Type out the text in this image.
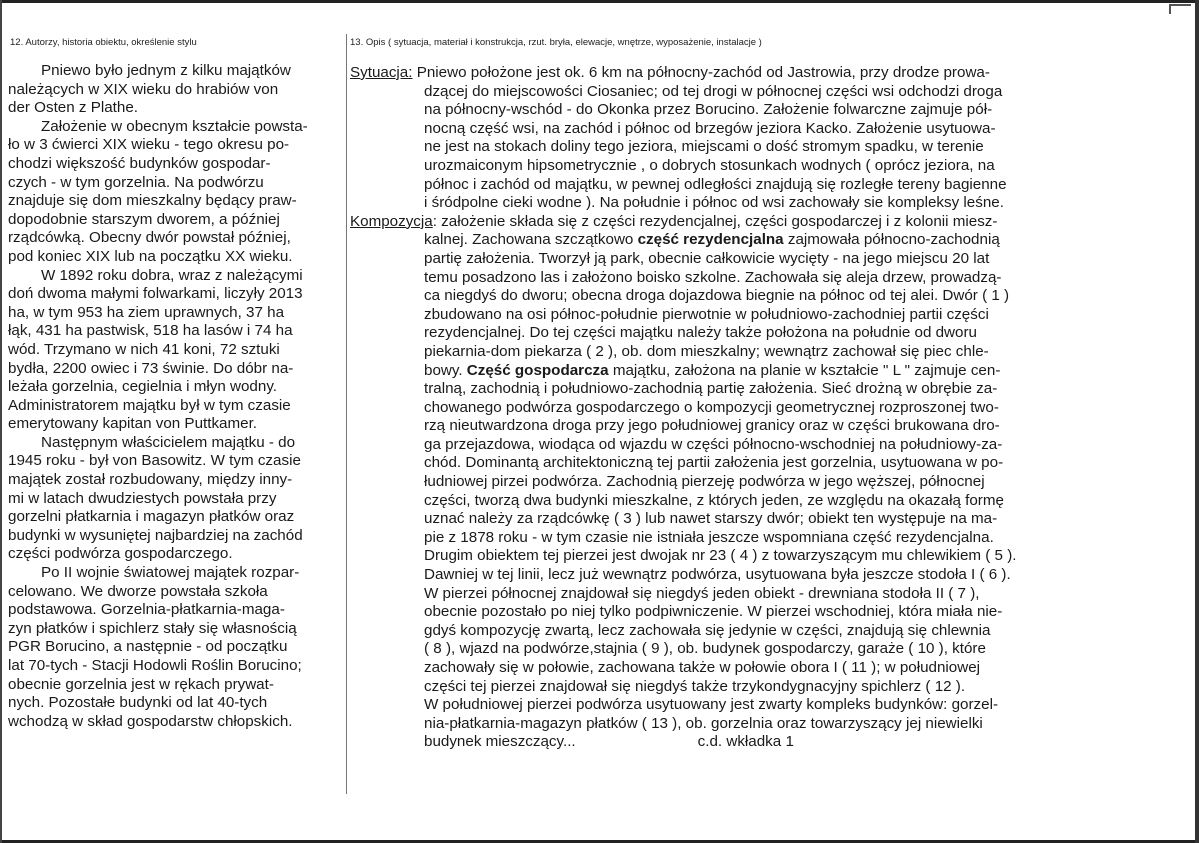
12. Autorzy, historia obiektu, określenie stylu	13. Opis ( sytuacja, materiał i konstrukcja, rzut. bryła, elewacje, wnętrze, wyposażenie, instalacje )
Pniewo było jednym z kilku majątków
należących w XIX wieku do hrabiów von
der Osten z Plathe.
Założenie w obecnym kształcie powsta-
ło w 3 ćwierci XIX wieku - tego okresu po-
chodzi większość budynków gospodar-
czych - w tym gorzelnia. Na podwórzu
znajduje się dom mieszkalny będący praw-
dopodobnie starszym dworem, a później
rządcówką. Obecny dwór powstał później,
pod koniec XIX lub na początku XX wieku.
W 1892 roku dobra, wraz z należącymi
doń dwoma małymi folwarkami, liczyły 2013
ha, w tym 953 ha ziem uprawnych, 37 ha
łąk, 431 ha pastwisk, 518 ha lasów i 74 ha
wód. Trzymano w nich 41 koni, 72 sztuki
bydła, 2200 owiec i 73 świnie. Do dóbr na-
leżała gorzelnia, cegielnia i młyn wodny.
Administratorem majątku był w tym czasie
emerytowany kapitan von Puttkamer.
Następnym właścicielem majątku - do
1945 roku - był von Basowitz. W tym czasie
majątek został rozbudowany, między inny-
mi w latach dwudziestych powstała przy
gorzelni płatkarnia i magazyn płatków oraz
budynki w wysuniętej najbardziej na zachód
części podwórza gospodarczego.
Po II wojnie światowej majątek rozpar-
celowano. We dworze powstała szkoła
podstawowa. Gorzelnia-płatkarnia-maga-
zyn płatków i spichlerz stały się własnością
PGR Borucino, a następnie - od początku
lat 70-tych - Stacji Hodowli Roślin Borucino;
obecnie gorzelnia jest w rękach prywat-
nych. Pozostałe budynki od lat 40-tych
wchodzą w skład gospodarstw chłopskich.
Sytuacja: Pniewo położone jest ok. 6 km na północny-zachód od Jastrowia, przy drodze prowa-
dzącej do miejscowości Ciosaniec; od tej drogi w północnej części wsi odchodzi droga
na północny-wschód - do Okonka przez Borucino. Założenie folwarczne zajmuje pół-
nocną część wsi, na zachód i północ od brzegów jeziora Kacko. Założenie usytuowa-
ne jest na stokach doliny tego jeziora, miejscami o dość stromym spadku, w terenie
urozmaiconym hipsometrycznie , o dobrych stosunkach wodnych ( oprócz jeziora, na
północ i zachód od majątku, w pewnej odległości znajdują się rozległe tereny bagienne
i śródpolne cieki wodne ). Na południe i północ od wsi zachowały sie kompleksy leśne.
Kompozycja: założenie składa się z części rezydencjalnej, części gospodarczej i z kolonii miesz-
kalnej. Zachowana szczątkowo część rezydencjalna zajmowała północno-zachodnią
partię założenia. Tworzył ją park, obecnie całkowicie wycięty - na jego miejscu 20 lat
temu posadzono las i założono boisko szkolne. Zachowała się aleja drzew, prowadzą-
ca niegdyś do dworu; obecna droga dojazdowa biegnie na północ od tej alei. Dwór ( 1 )
zbudowano na osi północ-południe pierwotnie w południowo-zachodniej partii części
rezydencjalnej. Do tej części majątku należy także położona na południe od dworu
piekarnia-dom piekarza ( 2 ), ob. dom mieszkalny; wewnątrz zachował się piec chle-
bowy. Część gospodarcza majątku, założona na planie w kształcie " L " zajmuje cen-
tralną, zachodnią i południowo-zachodnią partię założenia. Sieć drożną w obrębie za-
chowanego podwórza gospodarczego o kompozycji geometrycznej rozproszonej two-
rzą nieutwardzona droga przy jego południowej granicy oraz w części brukowana dro-
ga przejazdowa, wiodąca od wjazdu w części północno-wschodniej na południowy-za-
chód. Dominantą architektoniczną tej partii założenia jest gorzelnia, usytuowana w po-
łudniowej pirzei podwórza. Zachodnią pierzeję podwórza w jego węższej, północnej
części, tworzą dwa budynki mieszkalne, z których jeden, ze względu na okazałą formę
uznać należy za rządcówkę ( 3 ) lub nawet starszy dwór; obiekt ten występuje na ma-
pie z 1878 roku - w tym czasie nie istniała jeszcze wspomniana część rezydencjalna.
Drugim obiektem tej pierzei jest dwojak nr 23 ( 4 ) z towarzyszącym mu chlewikiem ( 5 ).
Dawniej w tej linii, lecz już wewnątrz podwórza, usytuowana była jeszcze stodoła I ( 6 ).
W pierzei północnej znajdował się niegdyś jeden obiekt - drewniana stodoła II ( 7 ),
obecnie pozostało po niej tylko podpiwniczenie. W pierzei wschodniej, która miała nie-
gdyś kompozycję zwartą, lecz zachowała się jedynie w części, znajdują się chlewnia
( 8 ), wjazd na podwórze,stajnia ( 9 ), ob. budynek gospodarczy, garaże ( 10 ), które
zachowały się w połowie, zachowana także w połowie obora I ( 11 ); w południowej
części tej pierzei znajdował się niegdyś także trzykondygnacyjny spichlerz ( 12 ).
W południowej pierzei podwórza usytuowany jest zwarty kompleks budynków: gorzel-
nia-płatkarnia-magazyn płatków ( 13 ), ob. gorzelnia oraz towarzyszący jej niewielki
budynek mieszczący...	c.d. wkładka 1
